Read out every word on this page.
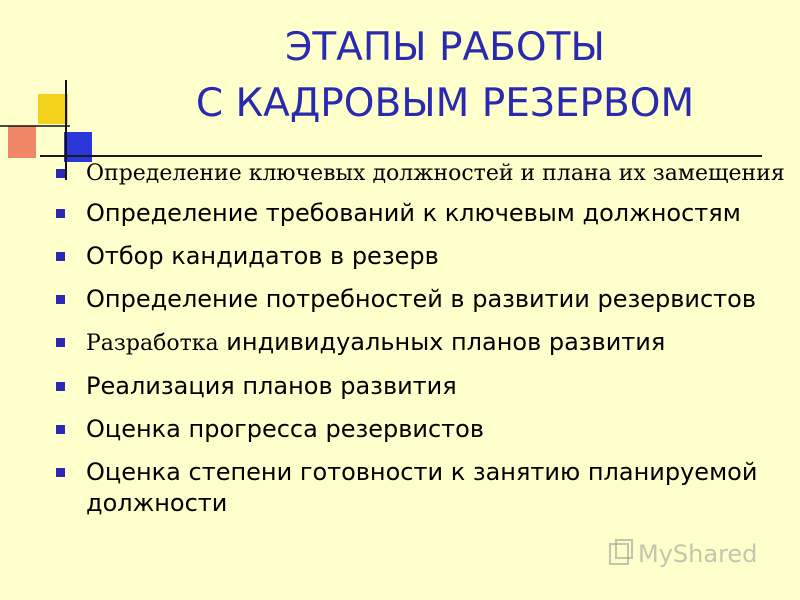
ЭТАПЫ РАБОТЫ
С КАДРОВЫМ РЕЗЕРВОМ
Определение ключевых должностей и плана их замещения
Определение требований к ключевым должностям
Отбор кандидатов в резерв
Определение потребностей в развитии резервистов
Разработка индивидуальных планов развития
Реализация планов развития
Оценка прогресса резервистов
Оценка степени готовности к занятию планируемой должности
MyShared
